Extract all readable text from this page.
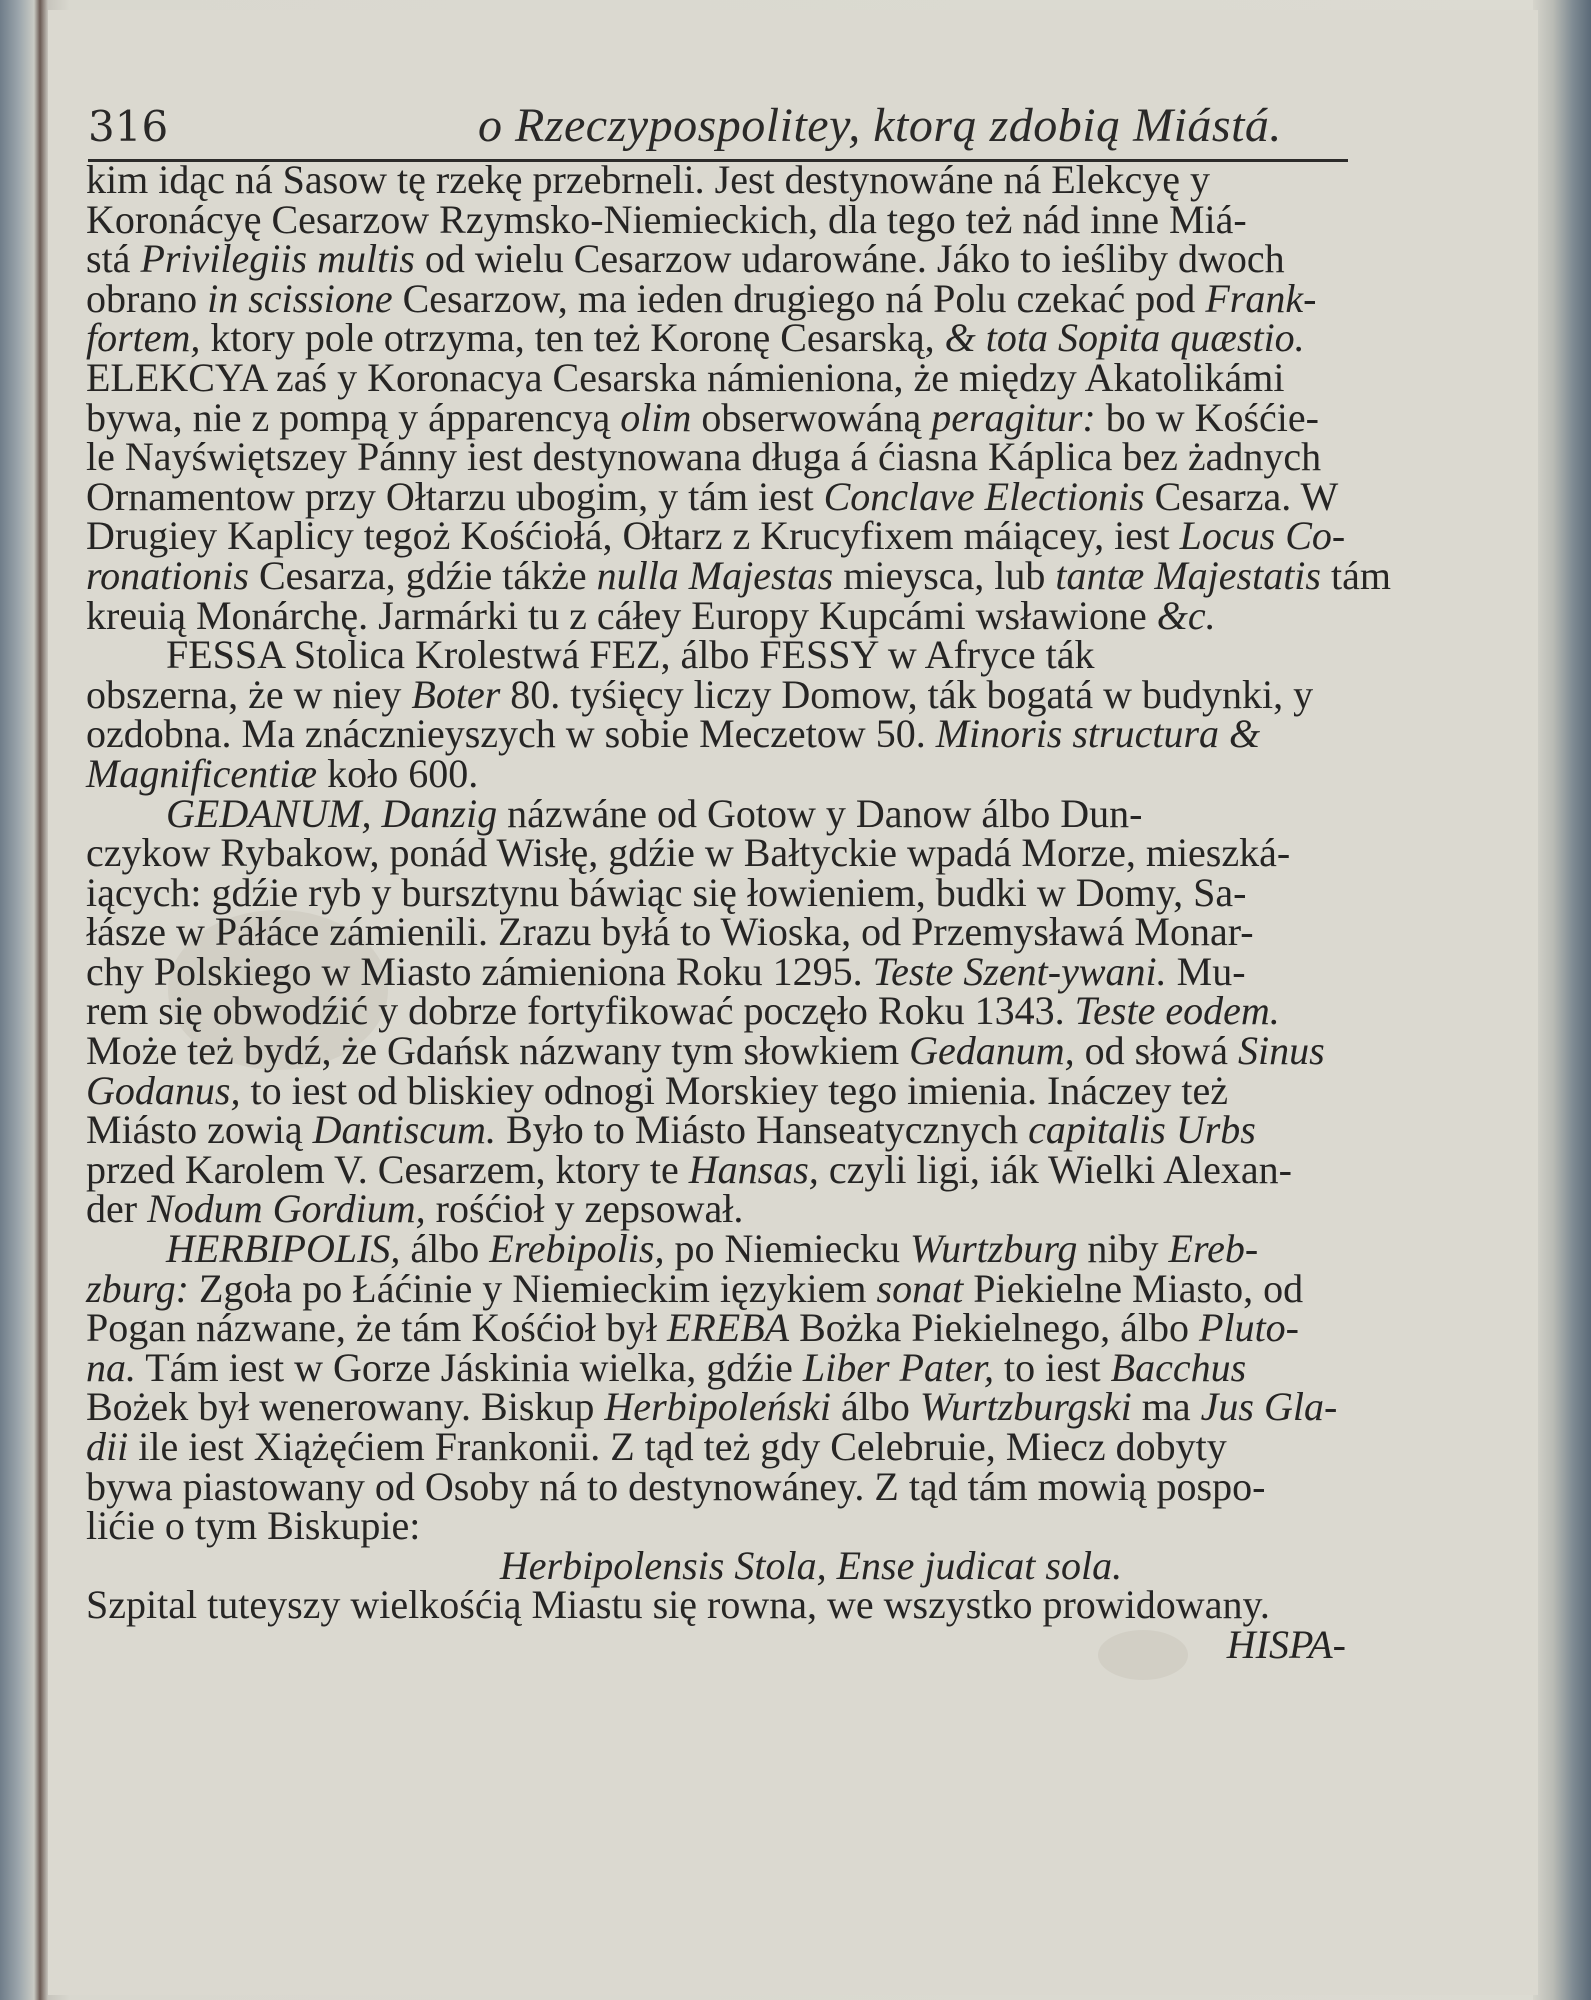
316	o Rzeczypospolitey, ktorą zdobią Miástá.
kim idąc ná Sasow tę rzekę przebrneli. Jest destynowáne ná Elekcyę y
Koronácyę Cesarzow Rzymsko-Niemieckich, dla tego też nád inne Miá-
stá Privilegiis multis od wielu Cesarzow udarowáne. Jáko to ieśliby dwoch
obrano in scissione Cesarzow, ma ieden drugiego ná Polu czekać pod Frank-
fortem, ktory pole otrzyma, ten też Koronę Cesarską, & tota Sopita quæstio.
ELEKCYA zaś y Koronacya Cesarska námieniona, że między Akatolikámi
bywa, nie z pompą y ápparencyą olim obserwowáną peragitur: bo w Kośćie-
le Nayświętszey Pánny iest destynowana długa á ćiasna Káplica bez żadnych
Ornamentow przy Ołtarzu ubogim, y tám iest Conclave Electionis Cesarza. W
Drugiey Kaplicy tegoż Kośćiołá, Ołtarz z Krucyfixem máiącey, iest Locus Co-
ronationis Cesarza, gdźie tákże nulla Majestas mieysca, lub tantæ Majestatis tám
kreuią Monárchę. Jarmárki tu z cáłey Europy Kupcámi wsławione &c.
  FESSA Stolica Krolestwá FEZ, álbo FESSY w Afryce ták
obszerna, że w niey Boter 80. tyśięcy liczy Domow, ták bogatá w budynki, y
ozdobna. Ma znácznieyszych w sobie Meczetow 50. Minoris structura &
Magnificentiæ koło 600.
  GEDANUM, Danzig názwáne od Gotow y Danow álbo Dun-
czykow Rybakow, ponád Wisłę, gdźie w Bałtyckie wpadá Morze, mieszká-
iących: gdźie ryb y bursztynu báwiąc się łowieniem, budki w Domy, Sa-
łásze w Páłáce zámienili. Zrazu byłá to Wioska, od Przemysławá Monar-
chy Polskiego w Miasto zámieniona Roku 1295. Teste Szent-ywani. Mu-
rem się obwodźić y dobrze fortyfikować poczęło Roku 1343. Teste eodem.
Może też bydź, że Gdańsk názwany tym słowkiem Gedanum, od słowá Sinus
Godanus, to iest od bliskiey odnogi Morskiey tego imienia. Ináczey też
Miásto zowią Dantiscum. Było to Miásto Hanseatycznych capitalis Urbs
przed Karolem V. Cesarzem, ktory te Hansas, czyli ligi, iák Wielki Alexan-
der Nodum Gordium, rośćioł y zepsował.
  HERBIPOLIS, álbo Erebipolis, po Niemiecku Wurtzburg niby Ereb-
zburg: Zgoła po Łáćinie y Niemieckim ięzykiem sonat Piekielne Miasto, od
Pogan názwane, że tám Kośćioł był EREBA Bożka Piekielnego, álbo Pluto-
na. Tám iest w Gorze Jáskinia wielka, gdźie Liber Pater, to iest Bacchus
Bożek był wenerowany. Biskup Herbipoleński álbo Wurtzburgski ma Jus Gla-
dii ile iest Xiążęćiem Frankonii. Z tąd też gdy Celebruie, Miecz dobyty
bywa piastowany od Osoby ná to destynowáney. Z tąd tám mowią pospo-
lićie o tym Biskupie:
Herbipolensis Stola, Ense judicat sola.
Szpital tuteyszy wielkośćią Miastu się rowna, we wszystko prowidowany.
HISPA-
